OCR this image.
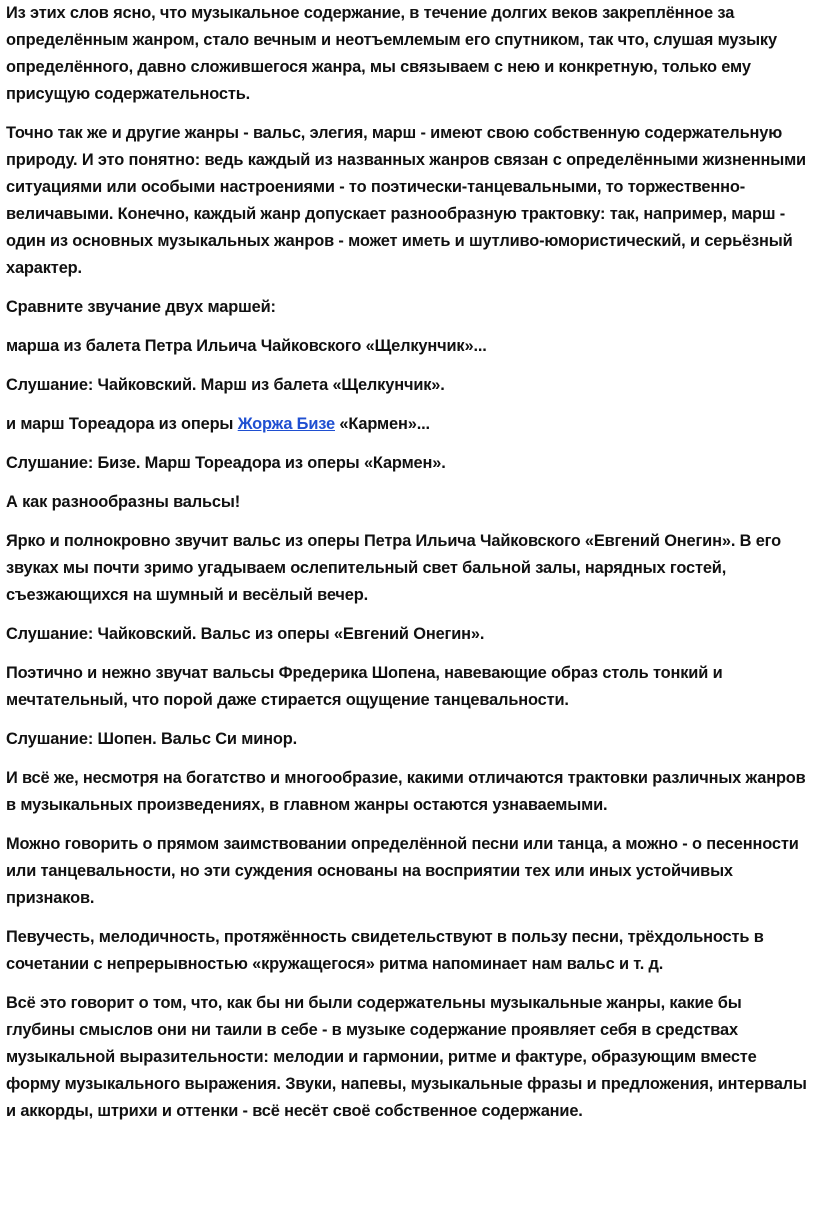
Из этих слов ясно, что музыкальное содержание, в течение долгих веков закреплённое за определённым жанром, стало вечным и неотъемлемым его спутником, так что, слушая музыку определённого, давно сложившегося жанра, мы связываем с нею и конкретную, только ему присущую содержательность.

Точно так же и другие жанры - вальс, элегия, марш - имеют свою собственную содержательную природу. И это понятно: ведь каждый из названных жанров связан с определёнными жизненными ситуациями или особыми настроениями - то поэтически-танцевальными, то торжественно-величавыми. Конечно, каждый жанр допускает разнообразную трактовку: так, например, марш - один из основных музыкальных жанров - может иметь и шутливо-юмористический, и серьёзный характер.

Сравните звучание двух маршей:

марша из балета Петра Ильича Чайковского «Щелкунчик»...

Слушание: Чайковский. Марш из балета «Щелкунчик».

и марш Тореадора из оперы Жоржа Бизе «Кармен»...

Слушание: Бизе. Марш Тореадора из оперы «Кармен».

А как разнообразны вальсы!

Ярко и полнокровно звучит вальс из оперы Петра Ильича Чайковского «Евгений Онегин». В его звуках мы почти зримо угадываем ослепительный свет бальной залы, нарядных гостей, съезжающихся на шумный и весёлый вечер.

Слушание: Чайковский. Вальс из оперы «Евгений Онегин».

Поэтично и нежно звучат вальсы Фредерика Шопена, навевающие образ столь тонкий и мечтательный, что порой даже стирается ощущение танцевальности.

Слушание: Шопен. Вальс Си минор.

И всё же, несмотря на богатство и многообразие, какими отличаются трактовки различных жанров в музыкальных произведениях, в главном жанры остаются узнаваемыми.

Можно говорить о прямом заимствовании определённой песни или танца, а можно - о песенности или танцевальности, но эти суждения основаны на восприятии тех или иных устойчивых признаков.

Певучесть, мелодичность, протяжённость свидетельствуют в пользу песни, трёхдольность в сочетании с непрерывностью «кружащегося» ритма напоминает нам вальс и т. д.

Всё это говорит о том, что, как бы ни были содержательны музыкальные жанры, какие бы глубины смыслов они ни таили в себе - в музыке содержание проявляет себя в средствах музыкальной выразительности: мелодии и гармонии, ритме и фактуре, образующим вместе форму музыкального выражения. Звуки, напевы, музыкальные фразы и предложения, интервалы и аккорды, штрихи и оттенки - всё несёт своё собственное содержание.
